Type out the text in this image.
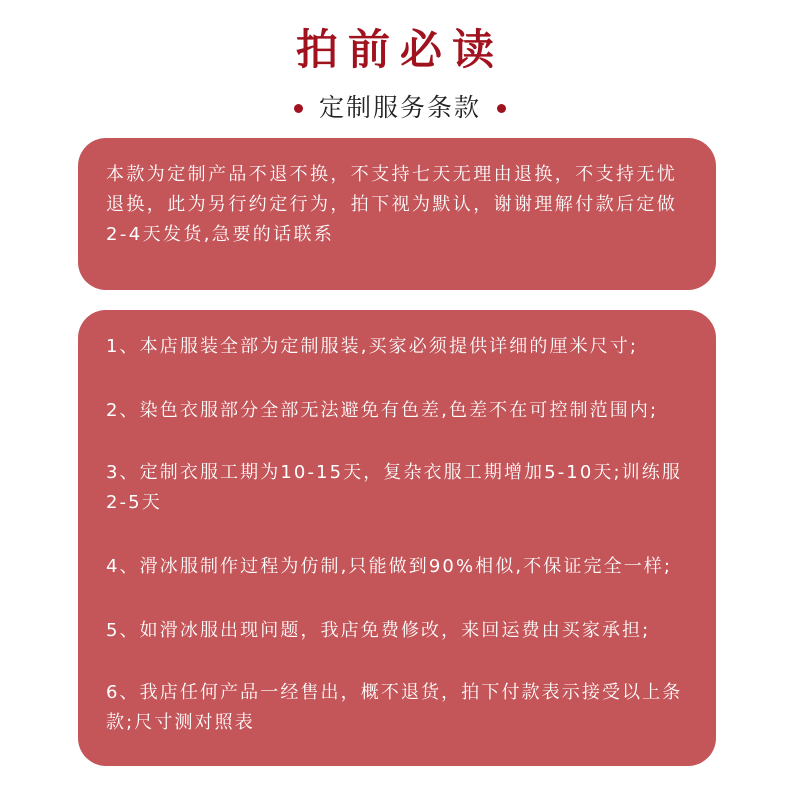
拍前必读
定制服务条款

本款为定制产品不退不换，不支持七天无理由退换，不支持无忧退换，此为另行约定行为，拍下视为默认，谢谢理解付款后定做2-4天发货,急要的话联系

1、本店服装全部为定制服装,买家必须提供详细的厘米尺寸;

2、染色衣服部分全部无法避免有色差,色差不在可控制范围内;

3、定制衣服工期为10-15天，复杂衣服工期增加5-10天;训练服2-5天

4、滑冰服制作过程为仿制,只能做到90%相似,不保证完全一样;

5、如滑冰服出现问题，我店免费修改，来回运费由买家承担;

6、我店任何产品一经售出，概不退货，拍下付款表示接受以上条款;尺寸测对照表
